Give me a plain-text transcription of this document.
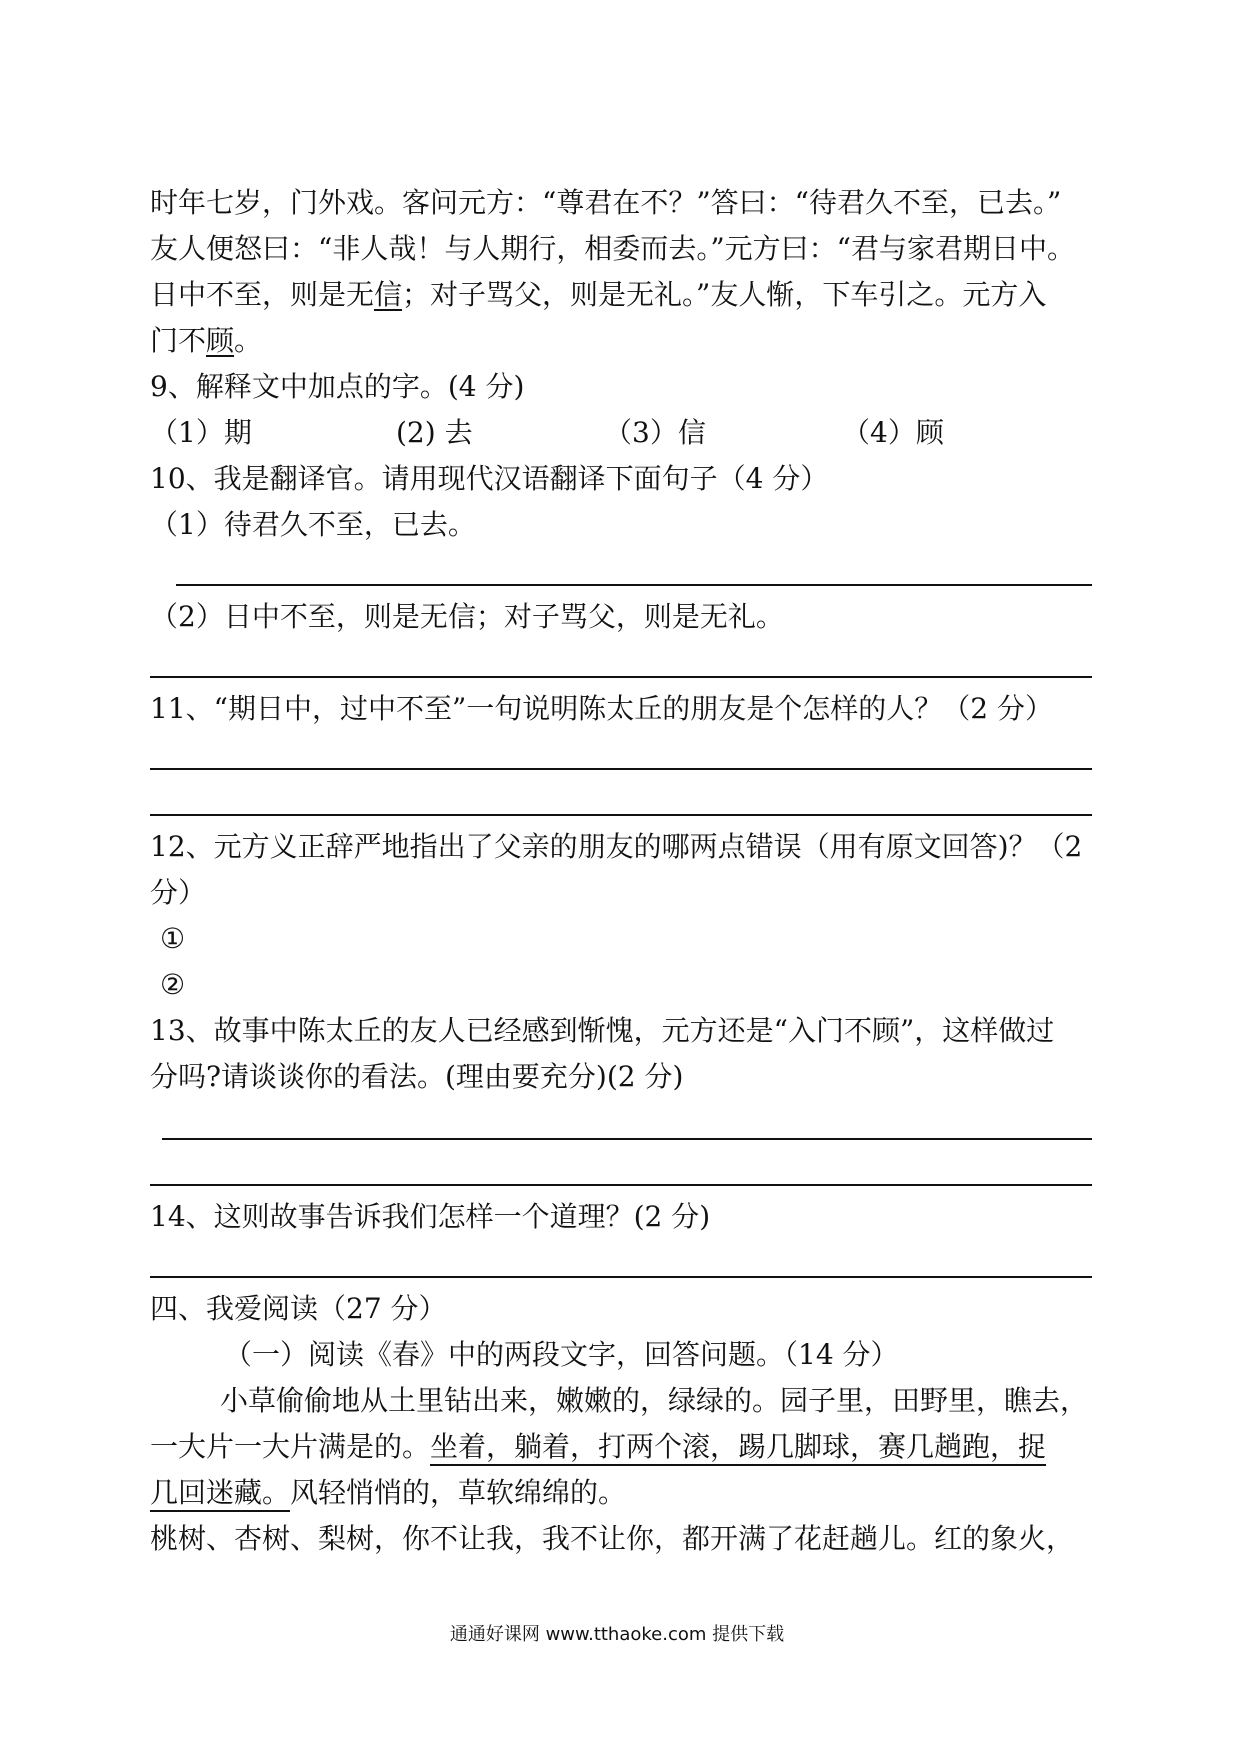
时年七岁，门外戏。客问元方：“尊君在不？”答曰：“待君久不至，已去。”
友人便怒曰：“非人哉！与人期行，相委而去。”元方曰：“君与家君期日中。
日中不至，则是无信；对子骂父，则是无礼。”友人惭，下车引之。元方入
门不顾。
9、解释文中加点的字。(4 分)
（1）期	(2) 去	（3）信	（4）顾
10、我是翻译官。请用现代汉语翻译下面句子（4 分）
（1）待君久不至，已去。
（2）日中不至，则是无信；对子骂父，则是无礼。
11、“期日中，过中不至”一句说明陈太丘的朋友是个怎样的人？（2 分）
12、元方义正辞严地指出了父亲的朋友的哪两点错误（用有原文回答)？（2
分）
①
②
13、故事中陈太丘的友人已经感到惭愧，元方还是“入门不顾”，这样做过
分吗?请谈谈你的看法。(理由要充分)(2 分)
14、这则故事告诉我们怎样一个道理？(2 分)
四、我爱阅读（27 分）
（一）阅读《春》中的两段文字，回答问题。（14 分）
小草偷偷地从土里钻出来，嫩嫩的，绿绿的。园子里，田野里，瞧去，
一大片一大片满是的。坐着，躺着，打两个滚，踢几脚球，赛几趟跑，捉
几回迷藏。风轻悄悄的，草软绵绵的。
桃树、杏树、梨树，你不让我，我不让你，都开满了花赶趟儿。红的象火，
通通好课网 www.tthaoke.com 提供下载
